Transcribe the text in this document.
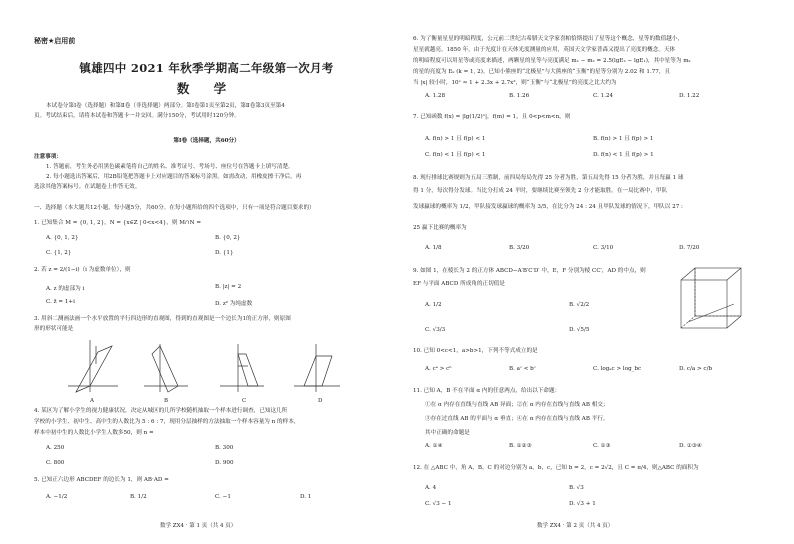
秘密★启用前
镇雄四中 2021 年秋季学期高二年级第一次月考
数 学
本试卷分第Ⅰ卷（选择题）和第Ⅱ卷（非选择题）两部分。第Ⅰ卷第1页至第2页，第Ⅱ卷第3页至第4
页。考试结束后，请将本试卷和答题卡一并交回。满分150分，考试用时120分钟。
第Ⅰ卷（选择题，共60分）
注意事项：
1. 答题前，考生务必用黑色碳素笔将自己的姓名、准考证号、考场号、座位号在答题卡上填写清楚。
2. 每小题选出答案后，用2B铅笔把答题卡上对应题目的答案标号涂黑。如需改动，用橡皮擦干净后，再
选涂其他答案标号。在试题卷上作答无效。
一、选择题（本大题共12小题，每小题5分，共60分。在每小题所给的四个选项中，只有一项是符合题目要求的）
1. 已知集合 M = {0, 1, 2}，N = {x∈Z | 0<x<4}，则 M∩N =
A. {0, 1, 2}	B. {0, 2}
C. {1, 2}	D. {1}
2. 若 z = 2/(1−i)（i 为虚数单位），则
A. z 的虚部为 i	B. |z| = 2
C. z̄ = 1+i	D. z² 为纯虚数
3. 用斜二测画法画一个水平放置的平行四边形的直观图，得到的直观图是一个边长为1的正方形，则原图
形的形状可能是
A	B	C	D
4. 某区为了解小学生的视力健康状况，决定从城区的几所学校随机抽取一个样本进行调查，已知这几所
学校的小学生、初中生、高中生的人数比为 5 : 6 : 7，现用分层抽样的方法抽取一个样本容量为 n 的样本，
样本中初中生的人数比小学生人数多50，则 n =
A. 250	B. 300
C. 800	D. 900
5. 已知正六边形 ABCDEF 的边长为 1，则 AB·AD =
A. −1/2	B. 1/2	C. −1	D. 1
数学 ZX4 · 第 1 页（共 4 页）
6. 为了衡量星星的明暗程度，公元前二世纪古希腊天文学家喜帕恰斯提出了星等这个概念，星等的数值越小，
星星就越亮。1850 年，由于光度计在天体光度测量的应用，英国天文学家普森又提出了亮度的概念。天体
的明暗程度可以用星等或亮度来描述，两颗星的星等与亮度满足 m₁ − m₂ = 2.5(lgE₂ − lgE₁)，其中星等为 mₖ
的星的亮度为 Eₖ (k = 1, 2)。已知小熊座的“北极星”与大熊座的“玉衡”的星等分别为 2.02 和 1.77，且
当 |x| 较小时，10ˣ ≈ 1 + 2.3x + 2.7x²，则“玉衡”与“北极星”的亮度之比大约为
A. 1.28	B. 1.26	C. 1.24	D. 1.22
7. 已知函数 f(x) = |lg(1/2)ˣ|，f(m) = 1，且 0<p<m<n，则
A. f(n) > 1 且 f(p) < 1	B. f(n) > 1 且 f(p) > 1
C. f(n) < 1 且 f(p) < 1	D. f(n) < 1 且 f(p) > 1
8. 现行排球比赛规则为五局三胜制，前四局每局先得 25 分者为胜，第五局先得 15 分者为胜，并且每赢 1 球
得 1 分，每次得分发球。当比分打成 24 平时，要继续比赛至领先 2 分才能取胜。在一局比赛中，甲队
发球赢球的概率为 1/2，甲队接发球赢球的概率为 3/5，在比分为 24 : 24 且甲队发球的情况下，甲队以 27 :
25 赢下比赛的概率为
A. 1/8	B. 3/20	C. 3/10	D. 7/20
9. 如图 1，在棱长为 2 的正方体 ABCD−A′B′C′D′ 中，E，F 分别为棱 CC′，AD 的中点，则
EF 与平面 ABCD 所成角的正切值是
A. 1/2	B. √2/2
C. √3/3	D. √5/5
10. 已知 0<c<1，a>b>1，下列不等式成立的是
A. cᵃ > cᵇ	B. aᶜ < bᶜ	C. logₐc > log_bc	D. c/a > c/b
11. 已知 A，B 不在平面 α 内的任意两点，给出以下命题：
①在 α 内存在直线与直线 AB 异面；②在 α 内存在直线与直线 AB 相交；
③存在过直线 AB 的平面与 α 垂直；④在 α 内存在直线与直线 AB 平行。
其中正确的命题是
A. ①④	B. ①②③	C. ①③	D. ①③④
12. 在 △ABC 中，角 A，B，C 的对边分别为 a，b，c，已知 b = 2，c = 2√2，且 C = π/4，则△ABC 的面积为
A. 4	B. √3
C. √3 − 1	D. √3 + 1
数学 ZX4 · 第 2 页（共 4 页）
